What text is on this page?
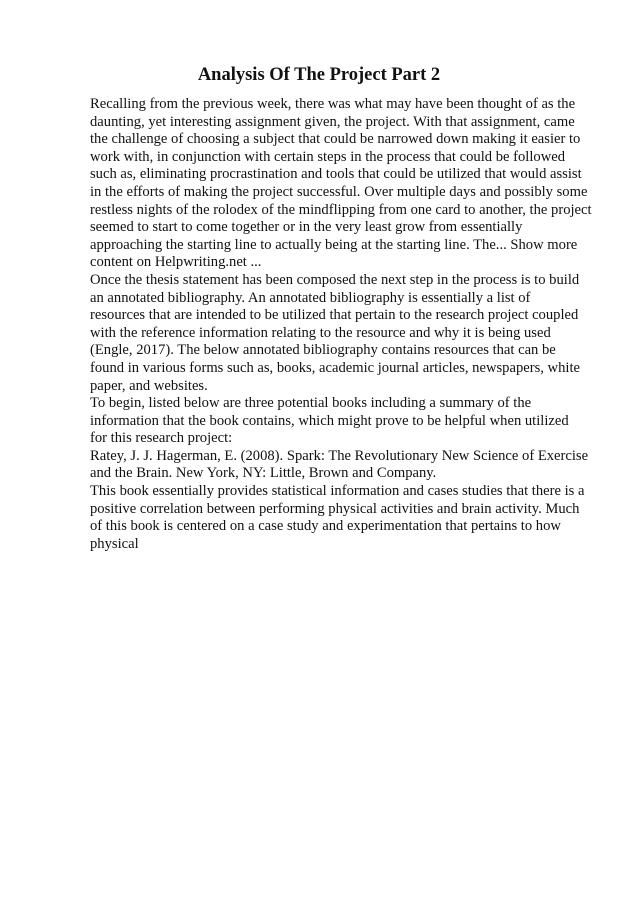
Analysis Of The Project Part 2

Recalling from the previous week, there was what may have been thought of as the
daunting, yet interesting assignment given, the project. With that assignment, came
the challenge of choosing a subject that could be narrowed down making it easier to
work with, in conjunction with certain steps in the process that could be followed
such as, eliminating procrastination and tools that could be utilized that would assist
in the efforts of making the project successful. Over multiple days and possibly some
restless nights of the rolodex of the mindflipping from one card to another, the project
seemed to start to come together or in the very least grow from essentially
approaching the starting line to actually being at the starting line. The... Show more
content on Helpwriting.net ...

Once the thesis statement has been composed the next step in the process is to build
an annotated bibliography. An annotated bibliography is essentially a list of
resources that are intended to be utilized that pertain to the research project coupled
with the reference information relating to the resource and why it is being used
(Engle, 2017). The below annotated bibliography contains resources that can be
found in various forms such as, books, academic journal articles, newspapers, white
paper, and websites.

To begin, listed below are three potential books including a summary of the
information that the book contains, which might prove to be helpful when utilized
for this research project:

Ratey, J. J. Hagerman, E. (2008). Spark: The Revolutionary New Science of Exercise
and the Brain. New York, NY: Little, Brown and Company.

This book essentially provides statistical information and cases studies that there is a
positive correlation between performing physical activities and brain activity. Much
of this book is centered on a case study and experimentation that pertains to how
physical
